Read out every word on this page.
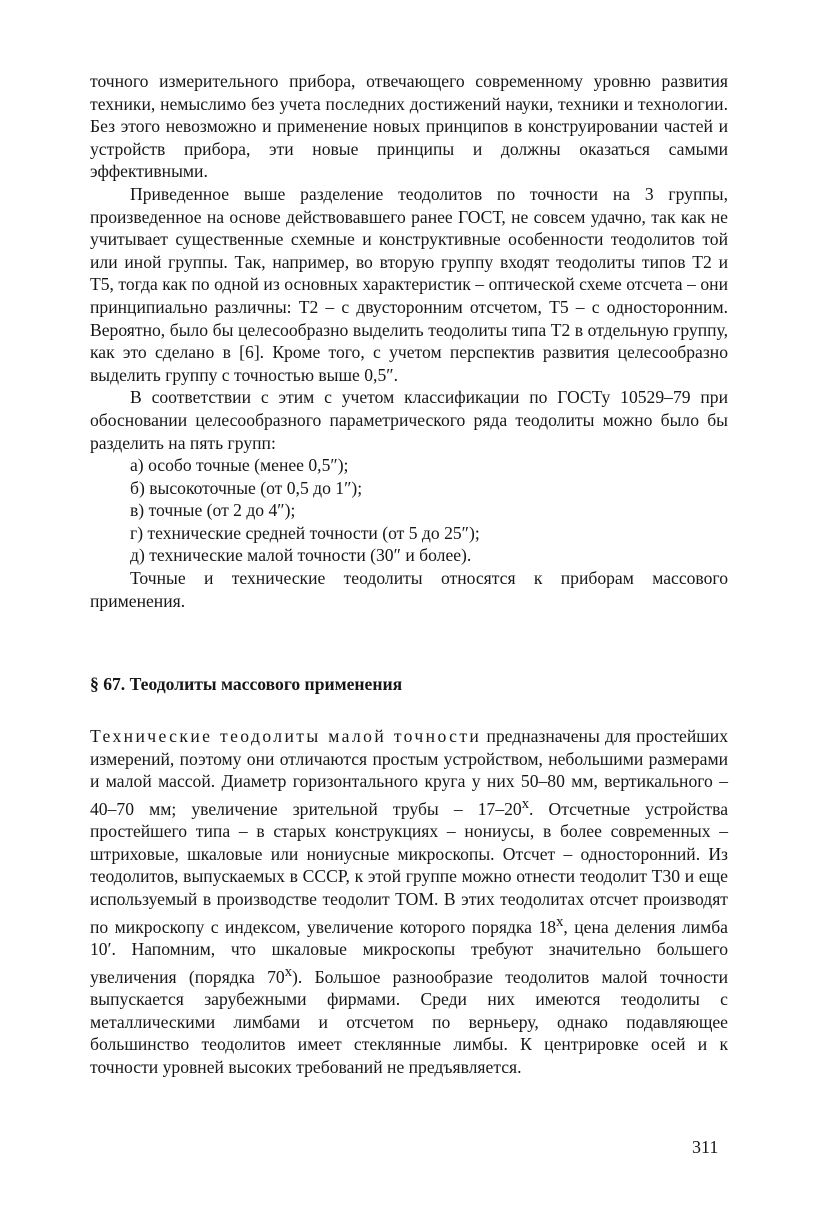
точного измерительного прибора, отвечающего современному уровню развития техники, немыслимо без учета последних достижений науки, техники и технологии. Без этого невозможно и применение новых принципов в конструировании частей и устройств прибора, эти новые принципы и должны оказаться самыми эффективными.

Приведенное выше разделение теодолитов по точности на 3 группы, произведенное на основе действовавшего ранее ГОСТ, не совсем удачно, так как не учитывает существенные схемные и конструктивные особенности теодолитов той или иной группы. Так, например, во вторую группу входят теодолиты типов Т2 и Т5, тогда как по одной из основных характеристик – оптической схеме отсчета – они принципиально различны: Т2 – с двусторонним отсчетом, Т5 – с односторонним. Вероятно, было бы целесообразно выделить теодолиты типа Т2 в отдельную группу, как это сделано в [6]. Кроме того, с учетом перспектив развития целесообразно выделить группу с точностью выше 0,5″.

В соответствии с этим с учетом классификации по ГОСТу 10529–79 при обосновании целесообразного параметрического ряда теодолиты можно было бы разделить на пять групп:

а) особо точные (менее 0,5″);

б) высокоточные (от 0,5 до 1″);

в) точные (от 2 до 4″);

г) технические средней точности (от 5 до 25″);

д) технические малой точности (30″ и более).

Точные и технические теодолиты относятся к приборам массового применения.

§ 67. Теодолиты массового применения

Технические теодолиты малой точности предназначены для простейших измерений, поэтому они отличаются простым устройством, небольшими размерами и малой массой. Диаметр горизонтального круга у них 50–80 мм, вертикального – 40–70 мм; увеличение зрительной трубы – 17–20$^x$. Отсчетные устройства простейшего типа – в старых конструкциях – нониусы, в более современных – штриховые, шкаловые или нониусные микроскопы. Отсчет – односторонний. Из теодолитов, выпускаемых в СССР, к этой группе можно отнести теодолит Т30 и еще используемый в производстве теодолит ТОМ. В этих теодолитах отсчет производят по микроскопу с индексом, увеличение которого порядка 18$^x$, цена деления лимба 10′. Напомним, что шкаловые микроскопы требуют значительно большего увеличения (порядка 70$^x$). Большое разнообразие теодолитов малой точности выпускается зарубежными фирмами. Среди них имеются теодолиты с металлическими лимбами и отсчетом по верньеру, однако подавляющее большинство теодолитов имеет стеклянные лимбы. К центрировке осей и к точности уровней высоких требований не предъявляется.

311
